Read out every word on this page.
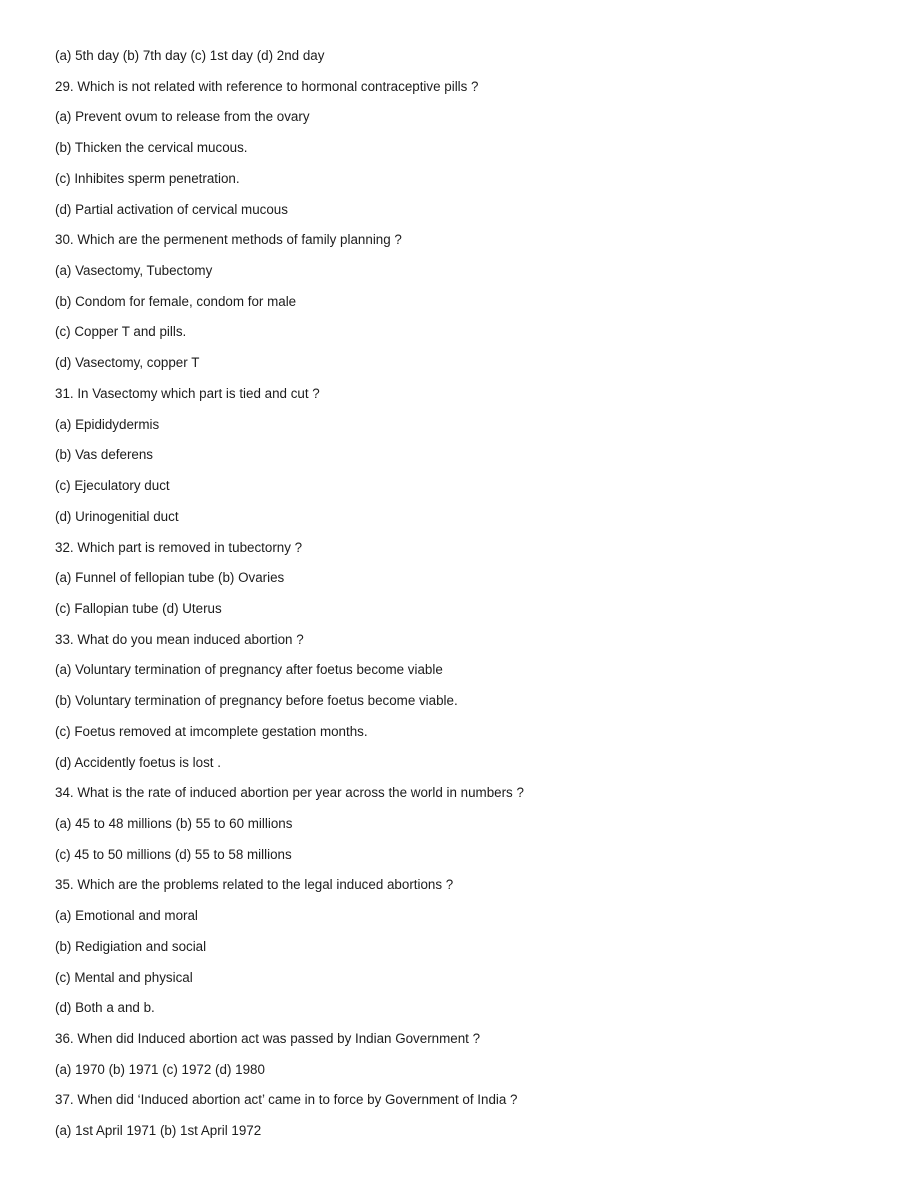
(a) 5th day (b) 7th day (c) 1st day (d) 2nd day
29. Which is not related with reference to hormonal contraceptive pills ?
(a) Prevent ovum to release from the ovary
(b) Thicken the cervical mucous.
(c) Inhibites sperm penetration.
(d) Partial activation of cervical mucous
30. Which are the permenent methods of family planning ?
(a) Vasectomy, Tubectomy
(b) Condom for female, condom for male
(c) Copper T and pills.
(d) Vasectomy, copper T
31. In Vasectomy which part is tied and cut ?
(a) Epididydermis
(b) Vas deferens
(c) Ejeculatory duct
(d) Urinogenitial duct
32. Which part is removed in tubectorny ?
(a) Funnel of fellopian tube (b) Ovaries
(c) Fallopian tube (d) Uterus
33. What do you mean induced abortion ?
(a) Voluntary termination of pregnancy after foetus become viable
(b) Voluntary termination of pregnancy before foetus become viable.
(c) Foetus removed at imcomplete gestation months.
(d) Accidently foetus is lost .
34. What is the rate of induced abortion per year across the world in numbers ?
(a) 45 to 48 millions (b) 55 to 60 millions
(c) 45 to 50 millions (d) 55 to 58 millions
35. Which are the problems related to the legal induced abortions ?
(a) Emotional and moral
(b) Redigiation and social
(c) Mental and physical
(d) Both a and b.
36. When did Induced abortion act was passed by Indian Government ?
(a) 1970 (b) 1971 (c) 1972 (d) 1980
37. When did ‘Induced abortion act’ came in to force by Government of India ?
(a) 1st April 1971 (b) 1st April 1972
